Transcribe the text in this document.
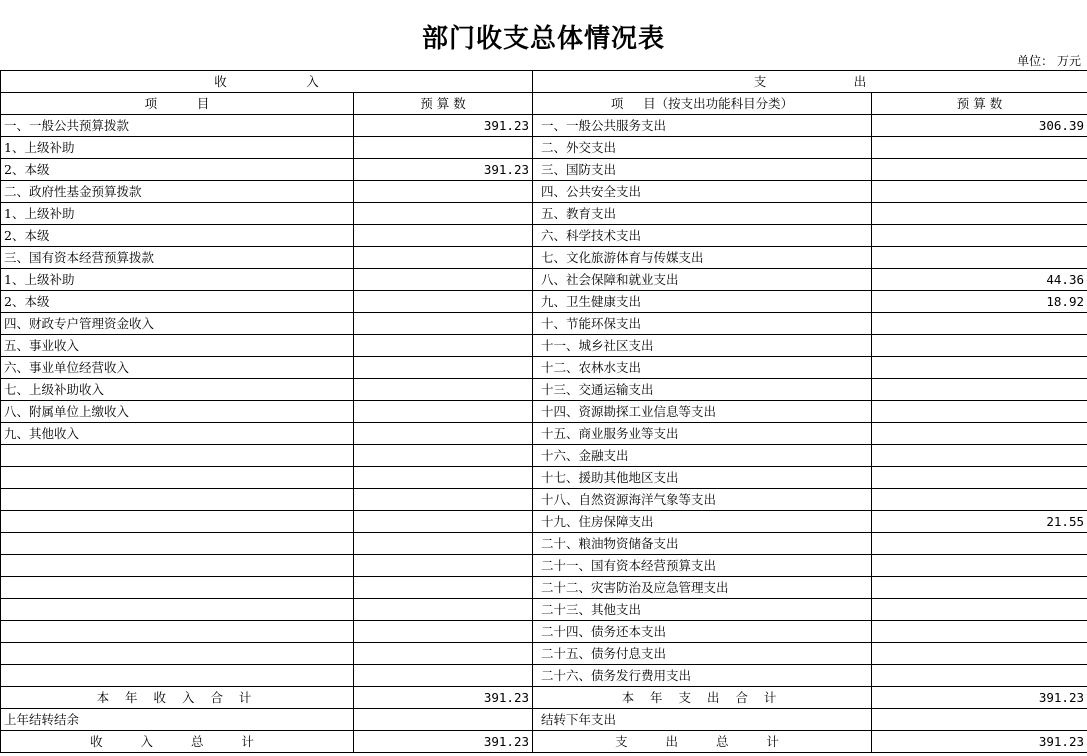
部门收支总体情况表
单位： 万元
收                    入		支                      出	
项          目	预 算 数	项     目（按支出功能科目分类）	预 算 数
一、一般公共预算拨款	391.23	一、一般公共服务支出	306.39
1、上级补助		二、外交支出	
2、本级	391.23	三、国防支出	
二、政府性基金预算拨款		四、公共安全支出	
1、上级补助		五、教育支出	
2、本级		六、科学技术支出	
三、国有资本经营预算拨款		七、文化旅游体育与传媒支出	
1、上级补助		八、社会保障和就业支出	44.36
2、本级		九、卫生健康支出	18.92
四、财政专户管理资金收入		十、节能环保支出	
五、事业收入		十一、城乡社区支出	
六、事业单位经营收入		十二、农林水支出	
七、上级补助收入		十三、交通运输支出	
八、附属单位上缴收入		十四、资源勘探工业信息等支出	
九、其他收入		十五、商业服务业等支出	
		十六、金融支出	
		十七、援助其他地区支出	
		十八、自然资源海洋气象等支出	
		十九、住房保障支出	21.55
		二十、粮油物资储备支出	
		二十一、国有资本经营预算支出	
		二十二、灾害防治及应急管理支出	
		二十三、其他支出	
		二十四、债务还本支出	
		二十五、债务付息支出	
		二十六、债务发行费用支出	
本 年 收 入 合 计	391.23	本 年 支 出 合 计	391.23
上年结转结余		结转下年支出	
收  入  总  计	391.23	支  出  总  计	391.23
